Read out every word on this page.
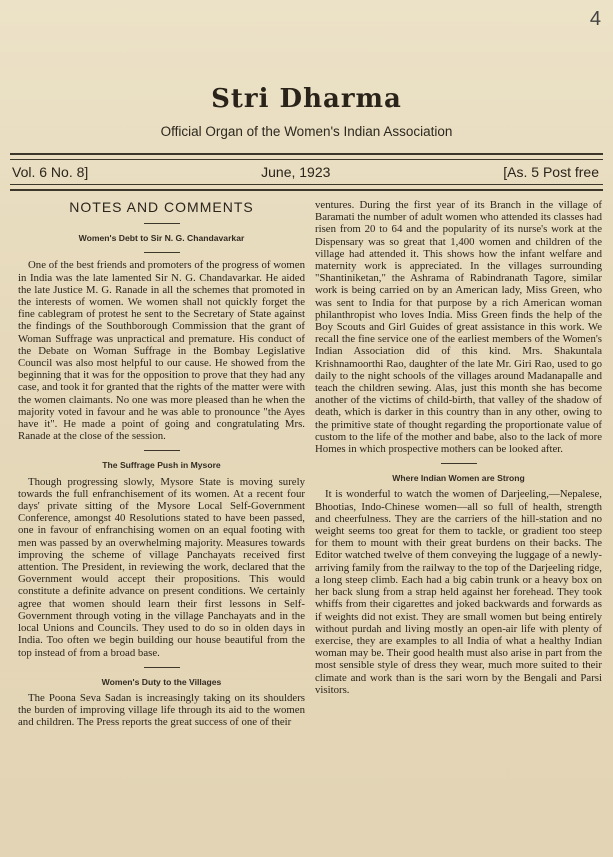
4
Stri Dharma
Official Organ of the Women's Indian Association
Vol. 6 No. 8]	June, 1923	[As. 5 Post free
NOTES AND COMMENTS
Women's Debt to Sir N. G. Chandavarkar

One of the best friends and promoters of the progress of women in India was the late lamented Sir N. G. Chandavarkar. He aided the late Justice M. G. Ranade in all the schemes that promoted in the interests of women. We women shall not quickly forget the fine cablegram of protest he sent to the Secretary of State against the findings of the Southborough Commission that the grant of Woman Suffrage was unpractical and premature. His conduct of the Debate on Woman Suffrage in the Bombay Legislative Council was also most helpful to our cause. He showed from the beginning that it was for the opposition to prove that they had any case, and took it for granted that the rights of the matter were with the women claimants. No one was more pleased than he when the majority voted in favour and he was able to pronounce "the Ayes have it". He made a point of going and congratulating Mrs. Ranade at the close of the session.

The Suffrage Push in Mysore

Though progressing slowly, Mysore State is moving surely towards the full enfranchisement of its women. At a recent four days' private sitting of the Mysore Local Self-Government Conference, amongst 40 Resolutions stated to have been passed, one in favour of enfranchising women on an equal footing with men was passed by an overwhelming majority. Measures towards improving the scheme of village Panchayats received first attention. The President, in reviewing the work, declared that the Government would accept their propositions. This would constitute a definite advance on present conditions. We certainly agree that women should learn their first lessons in Self-Government through voting in the village Panchayats and in the local Unions and Councils. They used to do so in olden days in India. Too often we begin building our house beautiful from the top instead of from a broad base.

Women's Duty to the Villages

The Poona Seva Sadan is increasingly taking on its shoulders the burden of improving village life through its aid to the women and children. The Press reports the great success of one of their

ventures. During the first year of its Branch in the village of Baramati the number of adult women who attended its classes had risen from 20 to 64 and the popularity of its nurse's work at the Dispensary was so great that 1,400 women and children of the village had attended it. This shows how the infant welfare and maternity work is appreciated. In the villages surrounding "Shantiniketan," the Ashrama of Rabindranath Tagore, similar work is being carried on by an American lady, Miss Green, who was sent to India for that purpose by a rich American woman philanthropist who loves India. Miss Green finds the help of the Boy Scouts and Girl Guides of great assistance in this work. We recall the fine service one of the earliest members of the Women's Indian Association did of this kind. Mrs. Shakuntala Krishnamoorthi Rao, daughter of the late Mr. Giri Rao, used to go daily to the night schools of the villages around Madanapalle and teach the children sewing. Alas, just this month she has become another of the victims of child-birth, that valley of the shadow of death, which is darker in this country than in any other, owing to the primitive state of thought regarding the proportionate value of custom to the life of the mother and babe, also to the lack of more Homes in which prospective mothers can be looked after.

Where Indian Women are Strong

It is wonderful to watch the women of Darjeeling,—Nepalese, Bhootias, Indo-Chinese women—all so full of health, strength and cheerfulness. They are the carriers of the hill-station and no weight seems too great for them to tackle, or gradient too steep for them to mount with their great burdens on their backs. The Editor watched twelve of them conveying the luggage of a newly-arriving family from the railway to the top of the Darjeeling ridge, a long steep climb. Each had a big cabin trunk or a heavy box on her back slung from a strap held against her forehead. They took whiffs from their cigarettes and joked backwards and forwards as if weights did not exist. They are small women but being entirely without purdah and living mostly an open-air life with plenty of exercise, they are examples to all India of what a healthy Indian woman may be. Their good health must also arise in part from the most sensible style of dress they wear, much more suited to their climate and work than is the sari worn by the Bengali and Parsi visitors.
